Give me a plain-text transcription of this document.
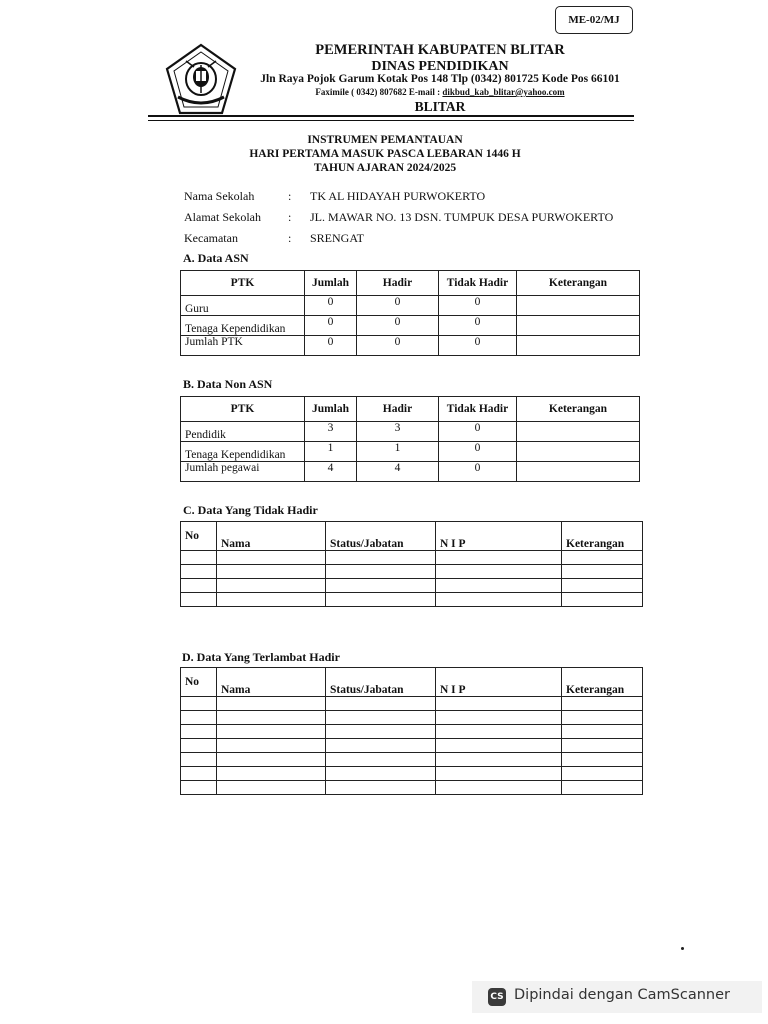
ME-02/MJ
PEMERINTAH KABUPATEN BLITAR
DINAS PENDIDIKAN
Jln Raya Pojok Garum Kotak Pos 148 Tlp (0342) 801725 Kode Pos 66101
Faximile ( 0342) 807682 E-mail : dikbud_kab_blitar@yahoo.com
BLITAR
INSTRUMEN PEMANTAUAN
HARI PERTAMA MASUK PASCA LEBARAN 1446 H
TAHUN AJARAN 2024/2025
Nama Sekolah	: TK AL HIDAYAH PURWOKERTO
Alamat Sekolah : JL. MAWAR NO. 13 DSN. TUMPUK DESA PURWOKERTO
Kecamatan	: SRENGAT
A. Data ASN
PTK	Jumlah	Hadir	Tidak Hadir	Keterangan
Guru	0	0	0	
Tenaga Kependidikan	0	0	0	
Jumlah PTK	0	0	0	
B. Data Non ASN
PTK	Jumlah	Hadir	Tidak Hadir	Keterangan
Pendidik	3	3	0	
Tenaga Kependidikan	1	1	0	
Jumlah pegawai	4	4	0	
C. Data Yang Tidak Hadir
No	Nama	Status/Jabatan	N I P	Keterangan

D. Data Yang Terlambat Hadir
No	Nama	Status/Jabatan	N I P	Keterangan

CS Dipindai dengan CamScanner
